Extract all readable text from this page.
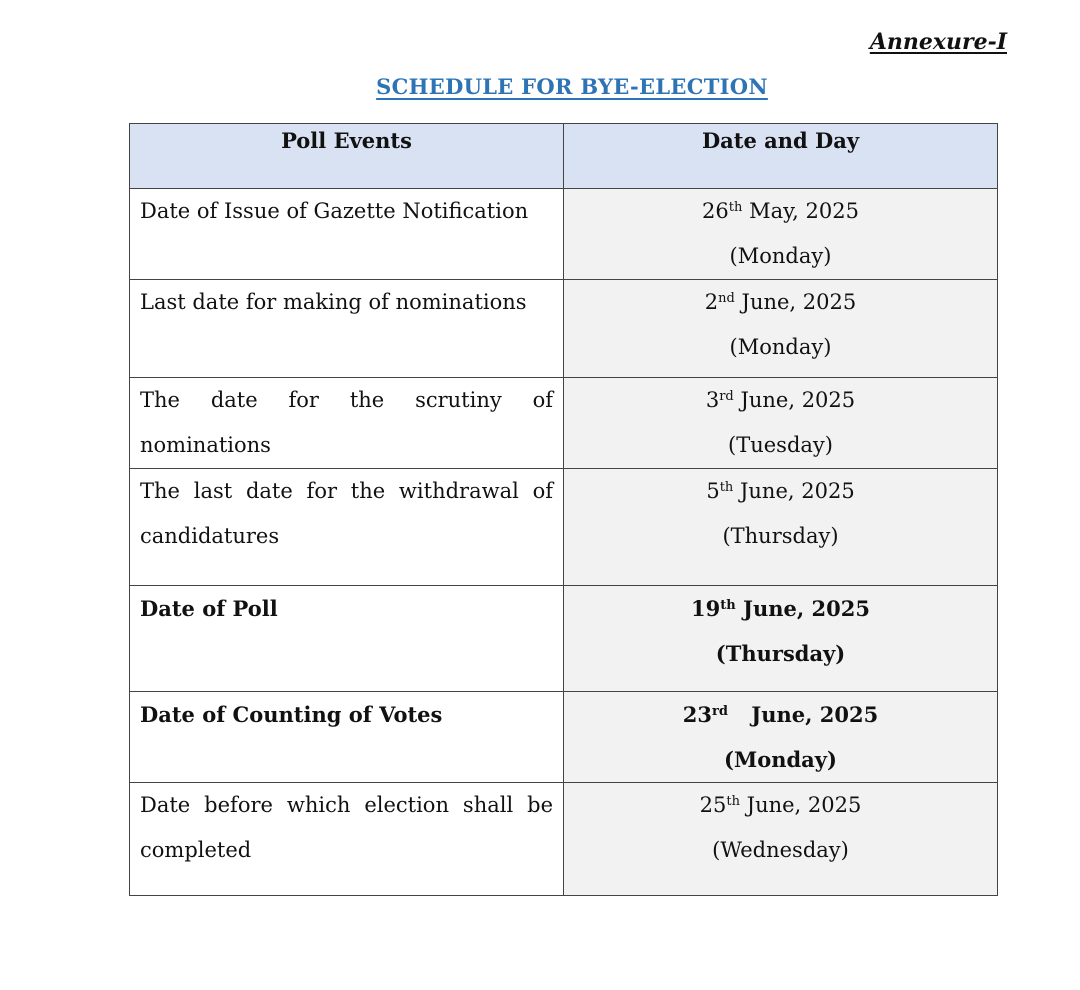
Annexure-I
SCHEDULE FOR BYE-ELECTION
Poll Events	Date and Day
Date of Issue of Gazette Notification	26th May, 2025
(Monday)

Last date for making of nominations	2nd June, 2025
(Monday)

The date for the scrutiny of nominations	3rd June, 2025
(Tuesday)

The last date for the withdrawal of candidatures	5th June, 2025
(Thursday)

Date of Poll	19th June, 2025
(Thursday)

Date of Counting of Votes	23rd June, 2025
(Monday)

Date before which election shall be completed	25th June, 2025
(Wednesday)
